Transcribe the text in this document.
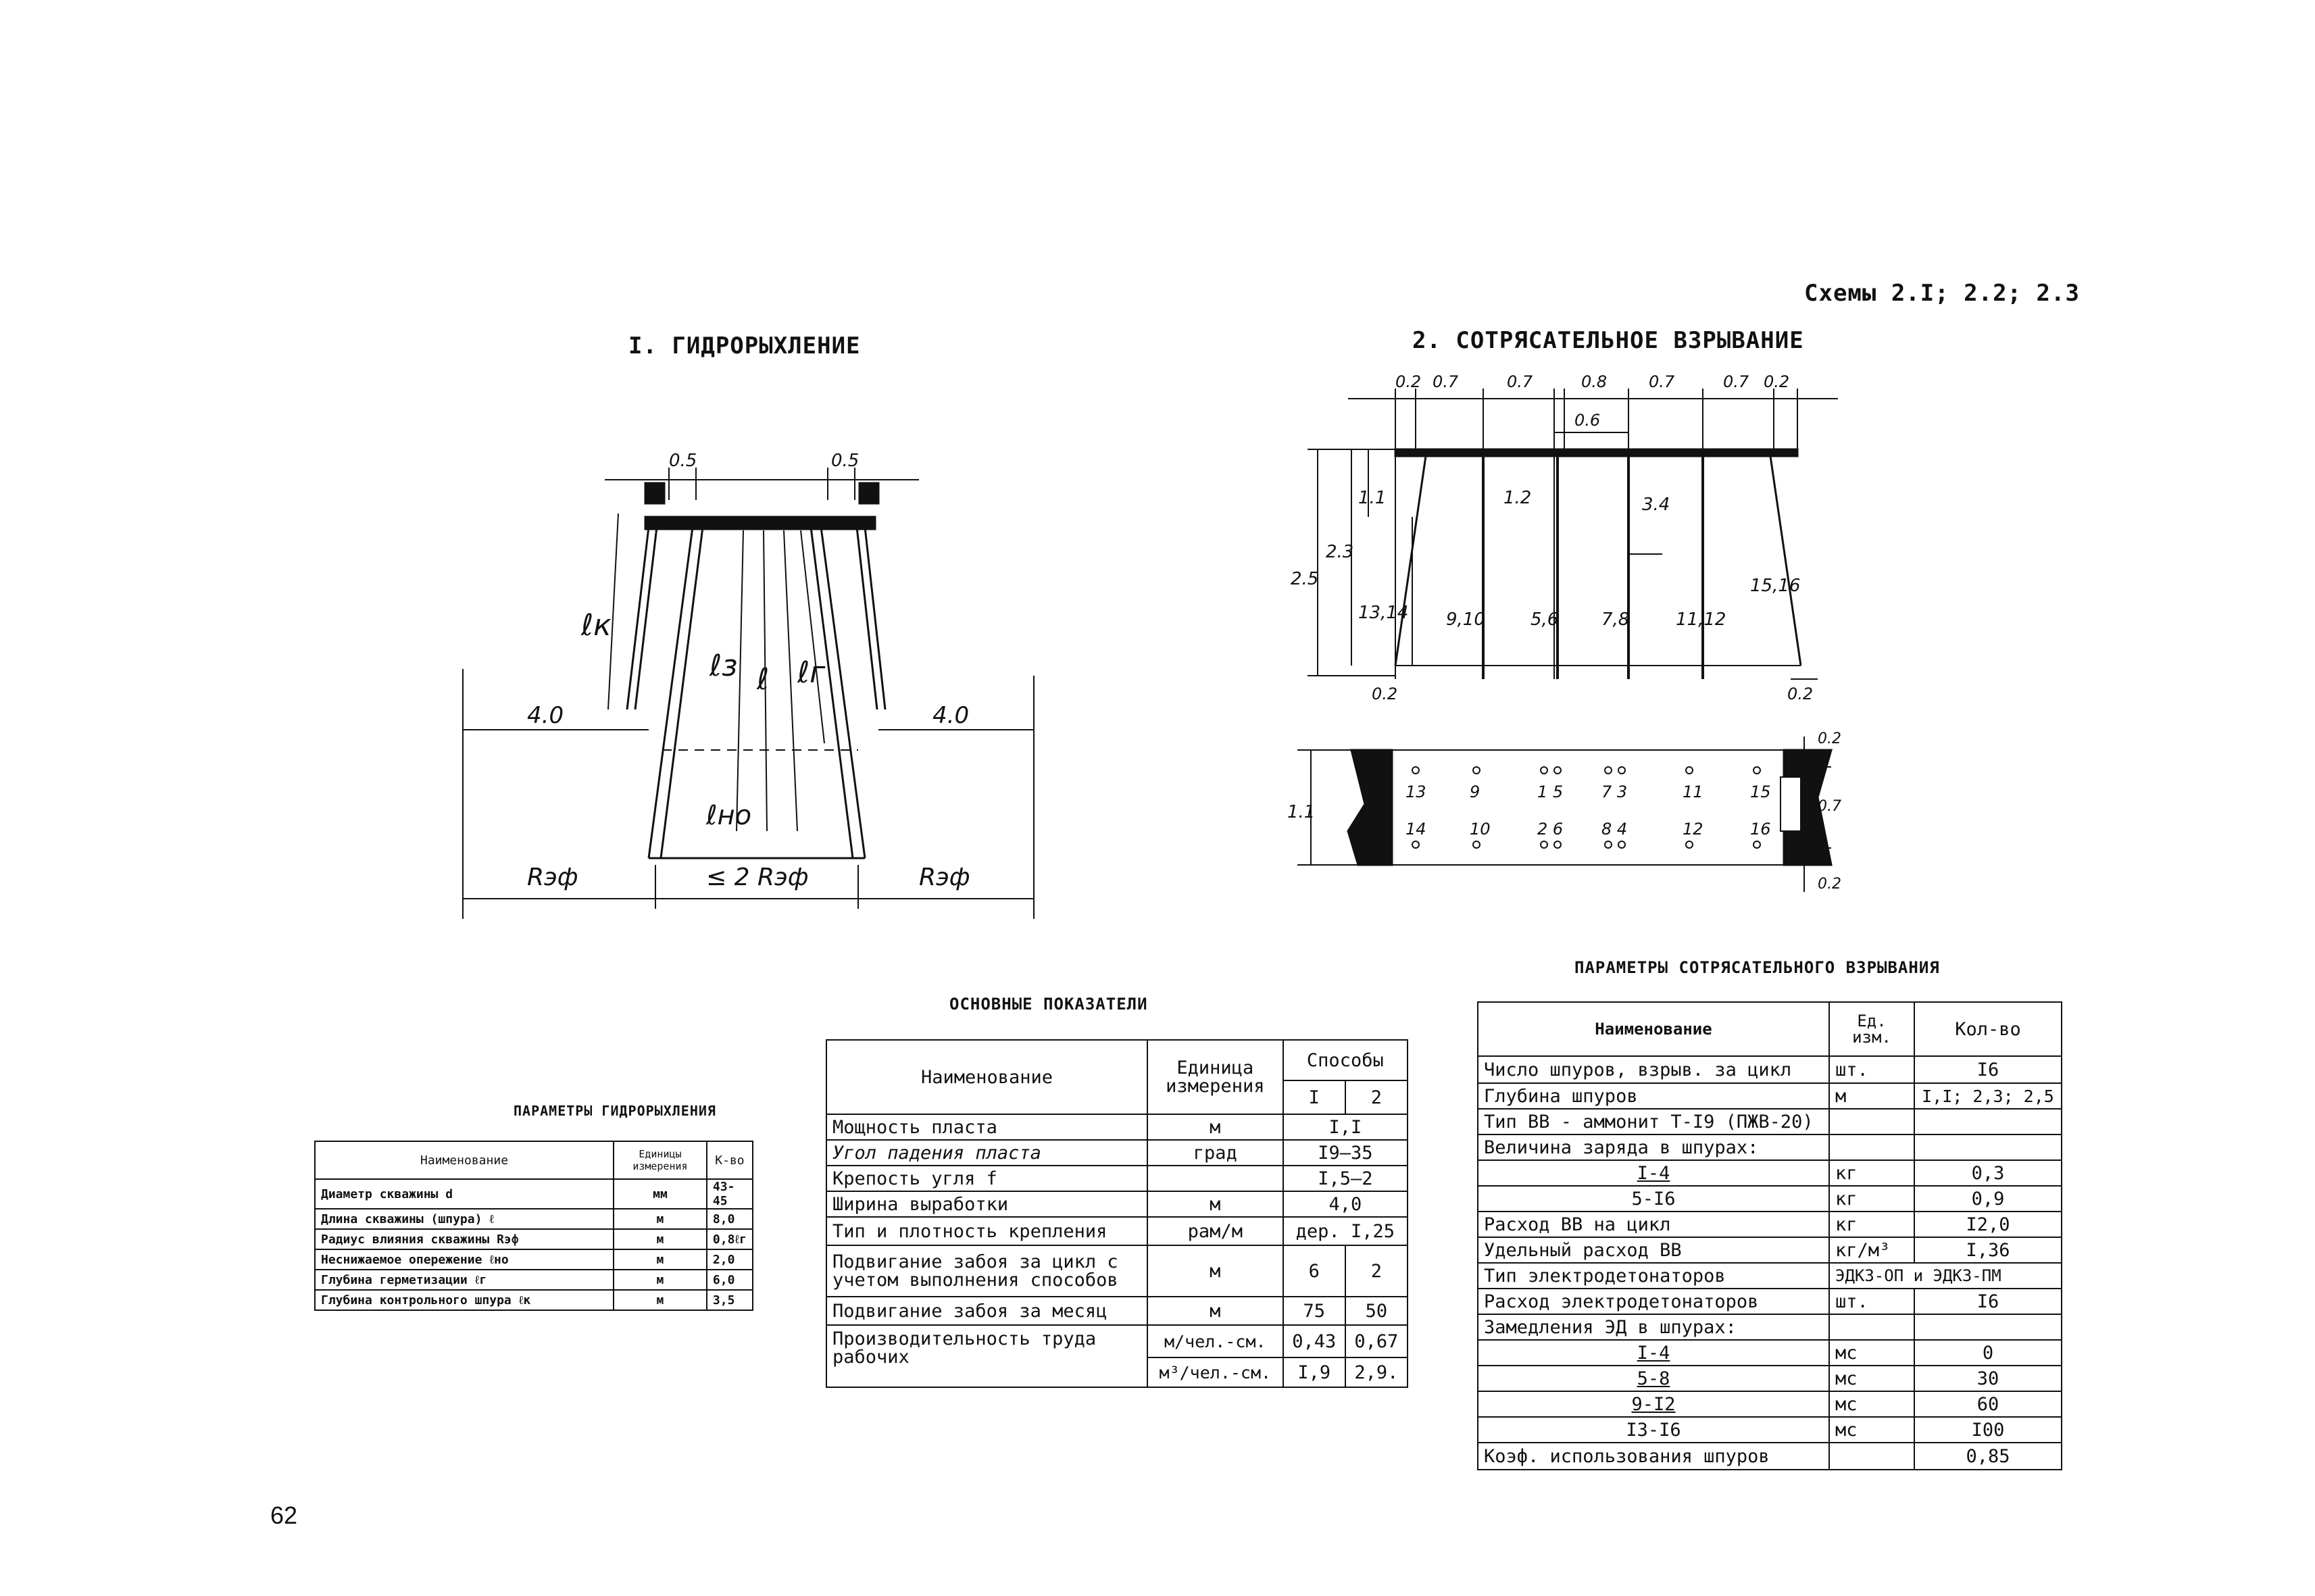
Схемы 2.I; 2.2; 2.3
I. ГИДРОРЫХЛЕНИЕ	2. СОТРЯСАТЕЛЬНОЕ ВЗРЫВАНИЕ
0.5	0.5
4.0	4.0
ℓк
ℓз ℓ ℓг
ℓно
Rэф	≤ 2 Rэф	Rэф
0.2 0.7	0.7	0.8	0.7	0.7 0.2
0.6
2.5
2.3
1.1	1.2	3.4
0.2	0.2
13,14 9,10	5,6 7,8	11,12
15,16
1.1
0.2
0.7
0.2
13	9	1 5 7 3	11	15
14	10	2 6 8 4	12	16
ПАРАМЕТРЫ ГИДРОРЫХЛЕНИЯ
Наименование	Единицы измерения	К-во
Диаметр скважины d	мм	43-45
Длина скважины (шпура) ℓ	м	8,0
Радиус влияния скважины Rэф	м	0,8ℓг
Неснижаемое опережение ℓно	м	2,0
Глубина герметизации ℓг	м	6,0
Глубина контрольного шпура ℓк	м	3,5
ОСНОВНЫЕ ПОКАЗАТЕЛИ
Наименование	Единица измерения	Способы	
		I	2
Мощность пласта	м	I,I	
Угол падения пласта	град	I9–35	
Крепость угля f		I,5–2	
Ширина выработки	м	4,0	
Тип и плотность крепления	рам/м	дер. I,25	
Подвигание забоя за цикл с учетом выполнения способов	м	6	2
Подвигание забоя за месяц	м	75	50
Производительность труда рабочих	м/чел.-см.	0,43	0,67
	м³/чел.-см.	I,9	2,9.
ПАРАМЕТРЫ СОТРЯСАТЕЛЬНОГО ВЗРЫВАНИЯ
Наименование	Ед. изм.	Кол-во
Число шпуров, взрыв. за цикл	шт.	I6
Глубина шпуров	м	I,I; 2,3; 2,5
Тип ВВ - аммонит Т-I9 (ПЖВ-20)		
Величина заряда в шпурах:		
I-4	кг	0,3
5-I6	кг	0,9
Расход ВВ на цикл	кг	I2,0
Удельный расход ВВ	кг/м³	I,36
Тип электродетонаторов	ЭДКЗ-ОП и ЭДКЗ-ПМ	
Расход электродетонаторов	шт.	I6
Замедления ЭД в шпурах:		
I-4	мс	0
5-8	мс	30
9-I2	мс	60
I3-I6	мс	I00
Коэф. использования шпуров		0,85
62
